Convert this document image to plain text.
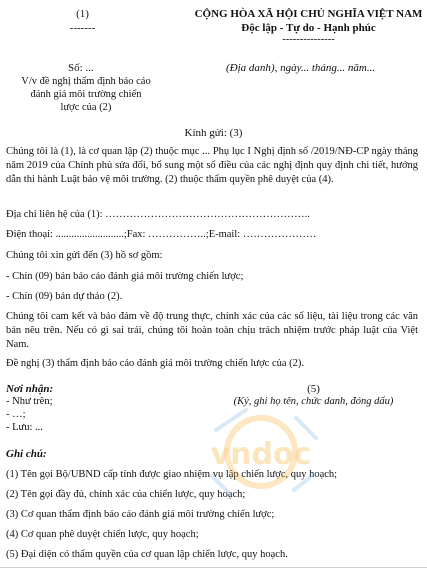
(1)
-------
CỘNG HÒA XÃ HỘI CHỦ NGHĨA VIỆT NAM
Độc lập - Tự do - Hạnh phúc
---------------
Số: ...	(Địa danh), ngày... tháng... năm...
V/v đề nghị thẩm định báo cáo
đánh giá môi trường chiến
lược của (2)
Kính gửi: (3)
Chúng tôi là (1), là cơ quan lập (2) thuộc mục ... Phụ lục I Nghị định số /2019/NĐ-CP ngày tháng năm 2019 của Chính phủ sửa đổi, bổ sung một số điều của các nghị định quy định chi tiết, hướng dẫn thi hành Luật bảo vệ môi trường. (2) thuộc thẩm quyền phê duyệt của (4).
Địa chỉ liên hệ của (1): …………………………………………………..
Điện thoại: ..........................;Fax: ……………..;E-mail: …………………
Chúng tôi xin gửi đến (3) hồ sơ gồm:
- Chín (09) bản báo cáo đánh giá môi trường chiến lược;
- Chín (09) bản dự thảo (2).
Chúng tôi cam kết và bảo đảm về độ trung thực, chính xác của các số liệu, tài liệu trong các văn bản nêu trên. Nếu có gì sai trái, chúng tôi hoàn toàn chịu trách nhiệm trước pháp luật của Việt Nam.
Đề nghị (3) thẩm định báo cáo đánh giá môi trường chiến lược của (2).
Nơi nhận:
- Như trên;
- …;
- Lưu: ...
(5)
(Ký, ghi họ tên, chức danh, đóng dấu)
Ghi chú:
(1) Tên gọi Bộ/UBND cấp tỉnh được giao nhiệm vụ lập chiến lược, quy hoạch;
(2) Tên gọi đầy đủ, chính xác của chiến lược, quy hoạch;
(3) Cơ quan thẩm định báo cáo đánh giá môi trường chiến lược;
(4) Cơ quan phê duyệt chiến lược, quy hoạch;
(5) Đại diện có thẩm quyền của cơ quan lập chiến lược, quy hoạch.
vndoc
